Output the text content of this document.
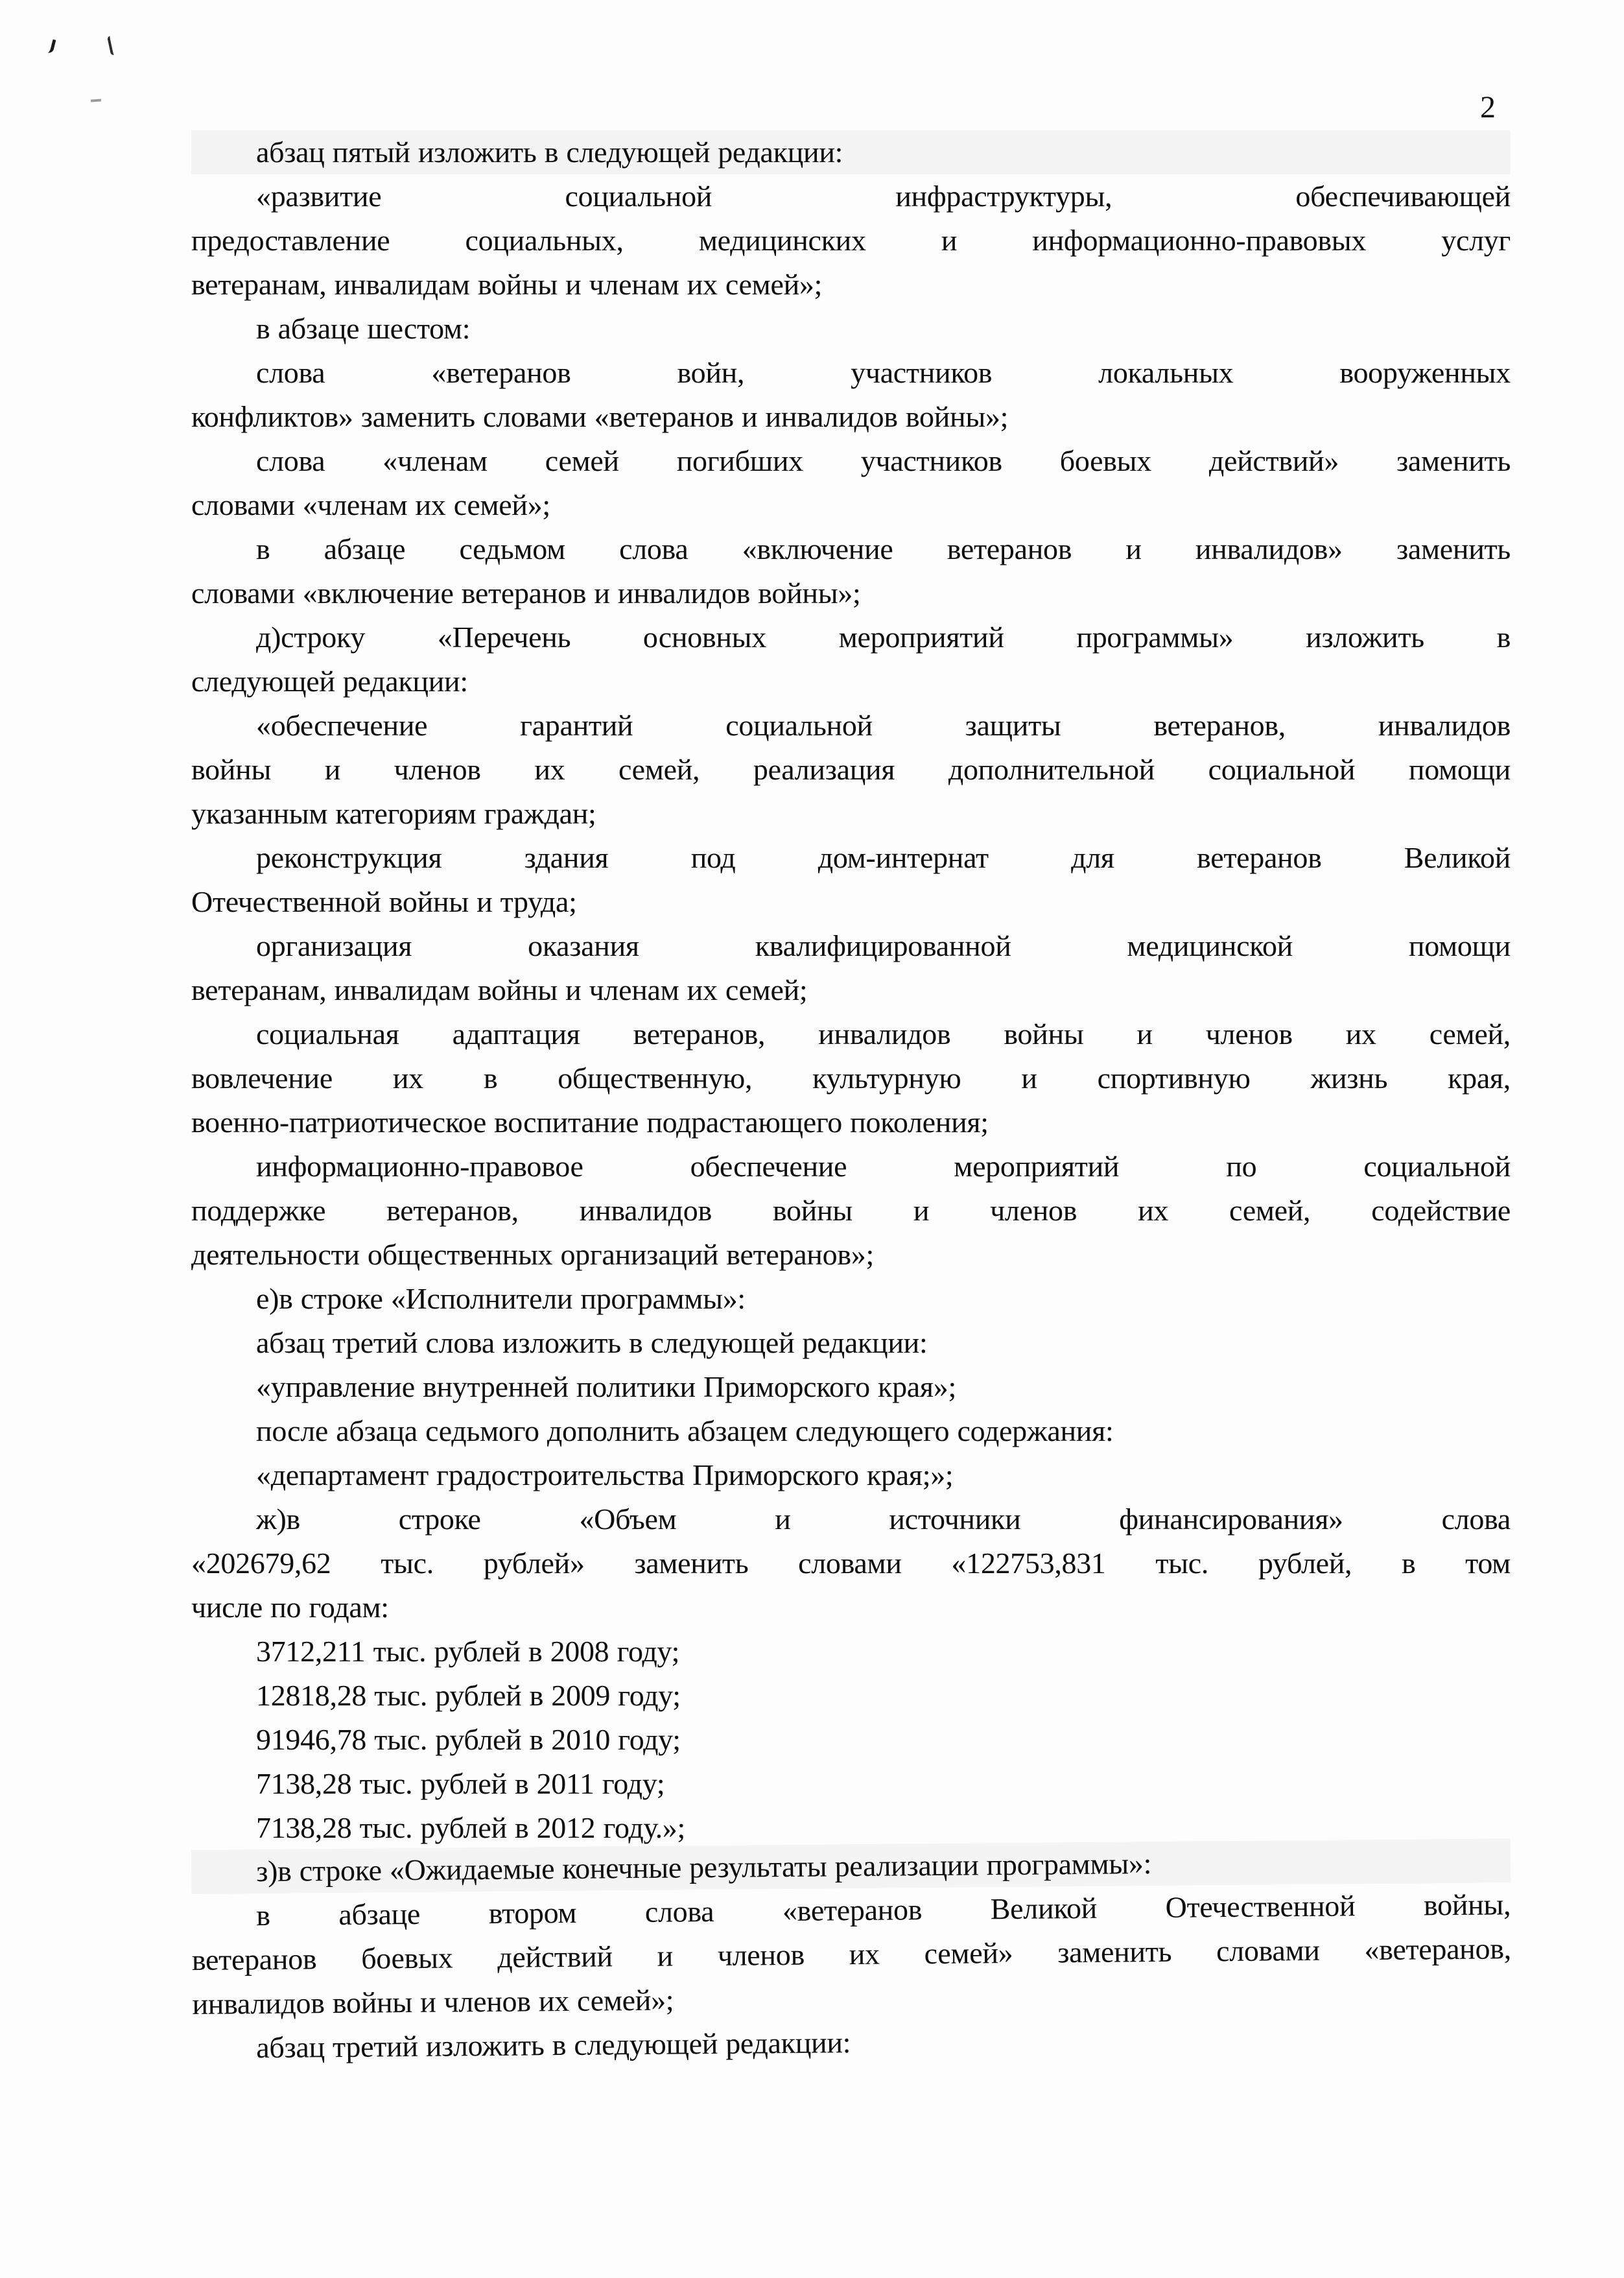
2

абзац пятый изложить в следующей редакции:

«развитие социальной инфраструктуры, обеспечивающей
предоставление социальных, медицинских и информационно-правовых услуг
ветеранам, инвалидам войны и членам их семей»;

в абзаце шестом:

слова «ветеранов войн, участников локальных вооруженных
конфликтов» заменить словами «ветеранов и инвалидов войны»;

слова «членам семей погибших участников боевых действий» заменить
словами «членам их семей»;

в абзаце седьмом слова «включение ветеранов и инвалидов» заменить
словами «включение ветеранов и инвалидов войны»;

д)строку «Перечень основных мероприятий программы» изложить в
следующей редакции:

«обеспечение гарантий социальной защиты ветеранов, инвалидов
войны и членов их семей, реализация дополнительной социальной помощи
указанным категориям граждан;

реконструкция здания под дом-интернат для ветеранов Великой
Отечественной войны и труда;

организация оказания квалифицированной медицинской помощи
ветеранам, инвалидам войны и членам их семей;

социальная адаптация ветеранов, инвалидов войны и членов их семей,
вовлечение их в общественную, культурную и спортивную жизнь края,
военно-патриотическое воспитание подрастающего поколения;

информационно-правовое обеспечение мероприятий по социальной
поддержке ветеранов, инвалидов войны и членов их семей, содействие
деятельности общественных организаций ветеранов»;

е)в строке «Исполнители программы»:

абзац третий слова изложить в следующей редакции:

«управление внутренней политики Приморского края»;

после абзаца седьмого дополнить абзацем следующего содержания:

«департамент градостроительства Приморского края;»;

ж)в строке «Объем и источники финансирования» слова
«202679,62 тыс. рублей» заменить словами «122753,831 тыс. рублей, в том
числе по годам:

3712,211 тыс. рублей в 2008 году;

12818,28 тыс. рублей в 2009 году;

91946,78 тыс. рублей в 2010 году;

7138,28 тыс. рублей в 2011 году;

7138,28 тыс. рублей в 2012 году.»;

з)в строке «Ожидаемые конечные результаты реализации программы»:

в абзаце втором слова «ветеранов Великой Отечественной войны,
ветеранов боевых действий и членов их семей» заменить словами «ветеранов,
инвалидов войны и членов их семей»;

абзац третий изложить в следующей редакции:
